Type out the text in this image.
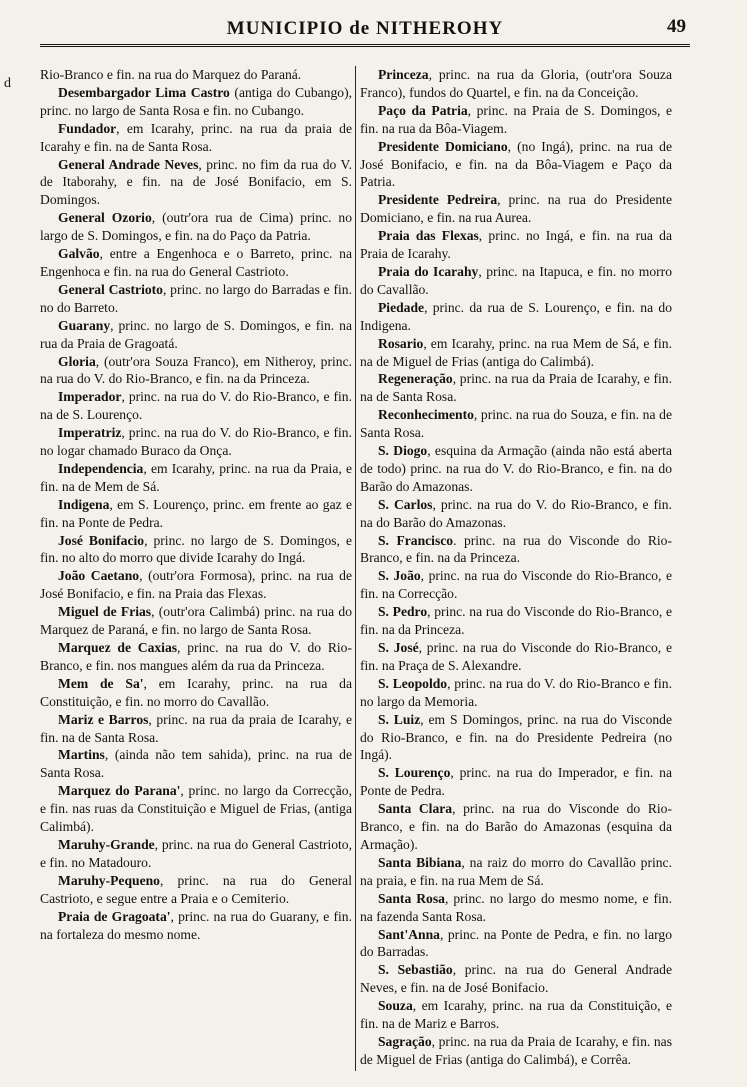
MUNICIPIO de NITHEROHY	49
d

Rio-Branco e fin. na rua do Marquez do Paraná.

Desembargador Lima Castro (antiga do Cubango), princ. no largo de Santa Rosa e fin. no Cubango.

Fundador, em Icarahy, princ. na rua da praia de Icarahy e fin. na de Santa Rosa.

General Andrade Neves, princ. no fim da rua do V. de Itaborahy, e fin. na de José Bonifacio, em S. Domingos.

General Ozorio, (outr'ora rua de Cima) princ. no largo de S. Domingos, e fin. na do Paço da Patria.

Galvão, entre a Engenhoca e o Barreto, princ. na Engenhoca e fin. na rua do General Castrioto.

General Castrioto, princ. no largo do Barradas e fin. no do Barreto.

Guarany, princ. no largo de S. Domingos, e fin. na rua da Praia de Gragoatá.

Gloria, (outr'ora Souza Franco), em Nitheroy, princ. na rua do V. do Rio-Branco, e fin. na da Princeza.

Imperador, princ. na rua do V. do Rio-Branco, e fin. na de S. Lourenço.

Imperatriz, princ. na rua do V. do Rio-Branco, e fin. no logar chamado Buraco da Onça.

Independencia, em Icarahy, princ. na rua da Praia, e fin. na de Mem de Sá.

Indigena, em S. Lourenço, princ. em frente ao gaz e fin. na Ponte de Pedra.

José Bonifacio, princ. no largo de S. Domingos, e fin. no alto do morro que divide Icarahy do Ingá.

João Caetano, (outr'ora Formosa), princ. na rua de José Bonifacio, e fin. na Praia das Flexas.

Miguel de Frias, (outr'ora Calimbá) princ. na rua do Marquez de Paraná, e fin. no largo de Santa Rosa.

Marquez de Caxias, princ. na rua do V. do Rio-Branco, e fin. nos mangues além da rua da Princeza.

Mem de Sa', em Icarahy, princ. na rua da Constituição, e fin. no morro do Cavallão.

Mariz e Barros, princ. na rua da praia de Icarahy, e fin. na de Santa Rosa.

Martins, (ainda não tem sahida), princ. na rua de Santa Rosa.

Marquez do Parana', princ. no largo da Correcção, e fin. nas ruas da Constituição e Miguel de Frias, (antiga Calimbá).

Maruhy-Grande, princ. na rua do General Castrioto, e fin. no Matadouro.

Maruhy-Pequeno, princ. na rua do General Castrioto, e segue entre a Praia e o Cemiterio.

Praia de Gragoata', princ. na rua do Guarany, e fin. na fortaleza do mesmo nome.

Princeza, princ. na rua da Gloria, (outr'ora Souza Franco), fundos do Quartel, e fin. na da Conceição.

Paço da Patria, princ. na Praia de S. Domingos, e fin. na rua da Bôa-Viagem.

Presidente Domiciano, (no Ingá), princ. na rua de José Bonifacio, e fin. na da Bôa-Viagem e Paço da Patria.

Presidente Pedreira, princ. na rua do Presidente Domiciano, e fin. na rua Aurea.

Praia das Flexas, princ. no Ingá, e fin. na rua da Praia de Icarahy.

Praia do Icarahy, princ. na Itapuca, e fin. no morro do Cavallão.

Piedade, princ. da rua de S. Lourenço, e fin. na do Indigena.

Rosario, em Icarahy, princ. na rua Mem de Sá, e fin. na de Miguel de Frias (antiga do Calimbá).

Regeneração, princ. na rua da Praia de Icarahy, e fin. na de Santa Rosa.

Reconhecimento, princ. na rua do Souza, e fin. na de Santa Rosa.

S. Diogo, esquina da Armação (ainda não está aberta de todo) princ. na rua do V. do Rio-Branco, e fin. na do Barão do Amazonas.

S. Carlos, princ. na rua do V. do Rio-Branco, e fin. na do Barão do Amazonas.

S. Francisco. princ. na rua do Visconde do Rio-Branco, e fin. na da Princeza.

S. João, princ. na rua do Visconde do Rio-Branco, e fin. na Correcção.

S. Pedro, princ. na rua do Visconde do Rio-Branco, e fin. na da Princeza.

S. José, princ. na rua do Visconde do Rio-Branco, e fin. na Praça de S. Alexandre.

S. Leopoldo, princ. na rua do V. do Rio-Branco e fin. no largo da Memoria.

S. Luiz, em S Domingos, princ. na rua do Visconde do Rio-Branco, e fin. na do Presidente Pedreira (no Ingá).

S. Lourenço, princ. na rua do Imperador, e fin. na Ponte de Pedra.

Santa Clara, princ. na rua do Visconde do Rio-Branco, e fin. na do Barão do Amazonas (esquina da Armação).

Santa Bibiana, na raiz do morro do Cavallão princ. na praia, e fin. na rua Mem de Sá.

Santa Rosa, princ. no largo do mesmo nome, e fin. na fazenda Santa Rosa.

Sant'Anna, princ. na Ponte de Pedra, e fin. no largo do Barradas.

S. Sebastião, princ. na rua do General Andrade Neves, e fin. na de José Bonifacio.

Souza, em Icarahy, princ. na rua da Constituição, e fin. na de Mariz e Barros.

Sagração, princ. na rua da Praia de Icarahy, e fin. nas de Miguel de Frias (antiga do Calimbá), e Corrêa.
